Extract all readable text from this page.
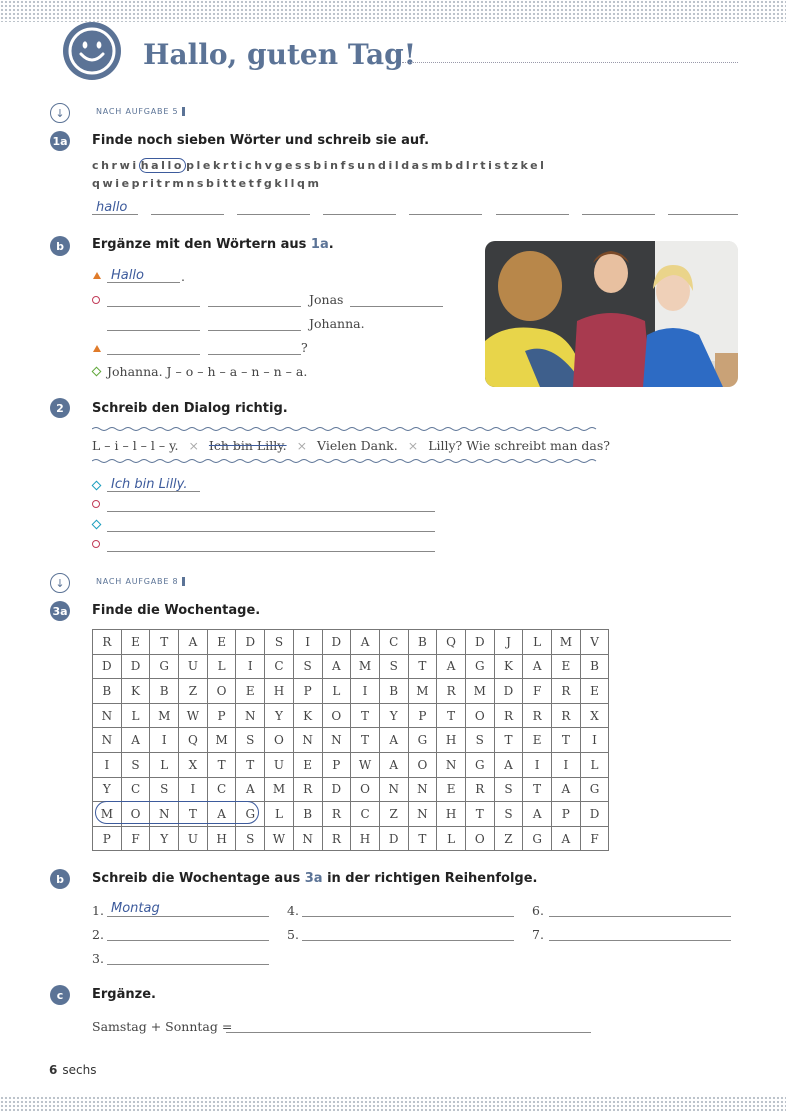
Hallo, guten Tag!
↓	NACH AUFGABE 5
1a Finde noch sieben Wörter und schreib sie auf.
chrwi hallo plekrtichvgessbinfsundildasmbdlrtistzkel
qwiepritrmnsbittetfgkllqm
hallo
b	Ergänze mit den Wörtern aus 1a.
Hallo	.
Jonas
Johanna.
?
Johanna. J – o – h – a – n – n – a.
2	Schreib den Dialog richtig.
L – i – l – l – y. × Ich bin Lilly. × Vielen Dank. × Lilly? Wie schreibt man das?
Ich bin Lilly.
↓	NACH AUFGABE 8
3a Finde die Wochentage.
R	E	T	A	E	D	S	I	D	A	C	B	Q	D	J	L	M	V
D	D	G	U	L	I	C	S	A	M	S	T	A	G	K	A	E	B
B	K	B	Z	O	E	H	P	L	I	B	M	R	M	D	F	R	E
N	L	M	W	P	N	Y	K	O	T	Y	P	T	O	R	R	R	X
N	A	I	Q	M	S	O	N	N	T	A	G	H	S	T	E	T	I
I	S	L	X	T	T	U	E	P	W	A	O	N	G	A	I	I	L
Y	C	S	I	C	A	M	R	D	O	N	N	E	R	S	T	A	G
M	O	N	T	A	G	L	B	R	C	Z	N	H	T	S	A	P	D
P	F	Y	U	H	S	W	N	R	H	D	T	L	O	Z	G	A	F
b	Schreib die Wochentage aus 3a in der richtigen Reihenfolge.
1. Montag
2.
3.
4.
5.
6.
7.
c	Ergänze.
Samstag + Sonntag =
6 sechs
